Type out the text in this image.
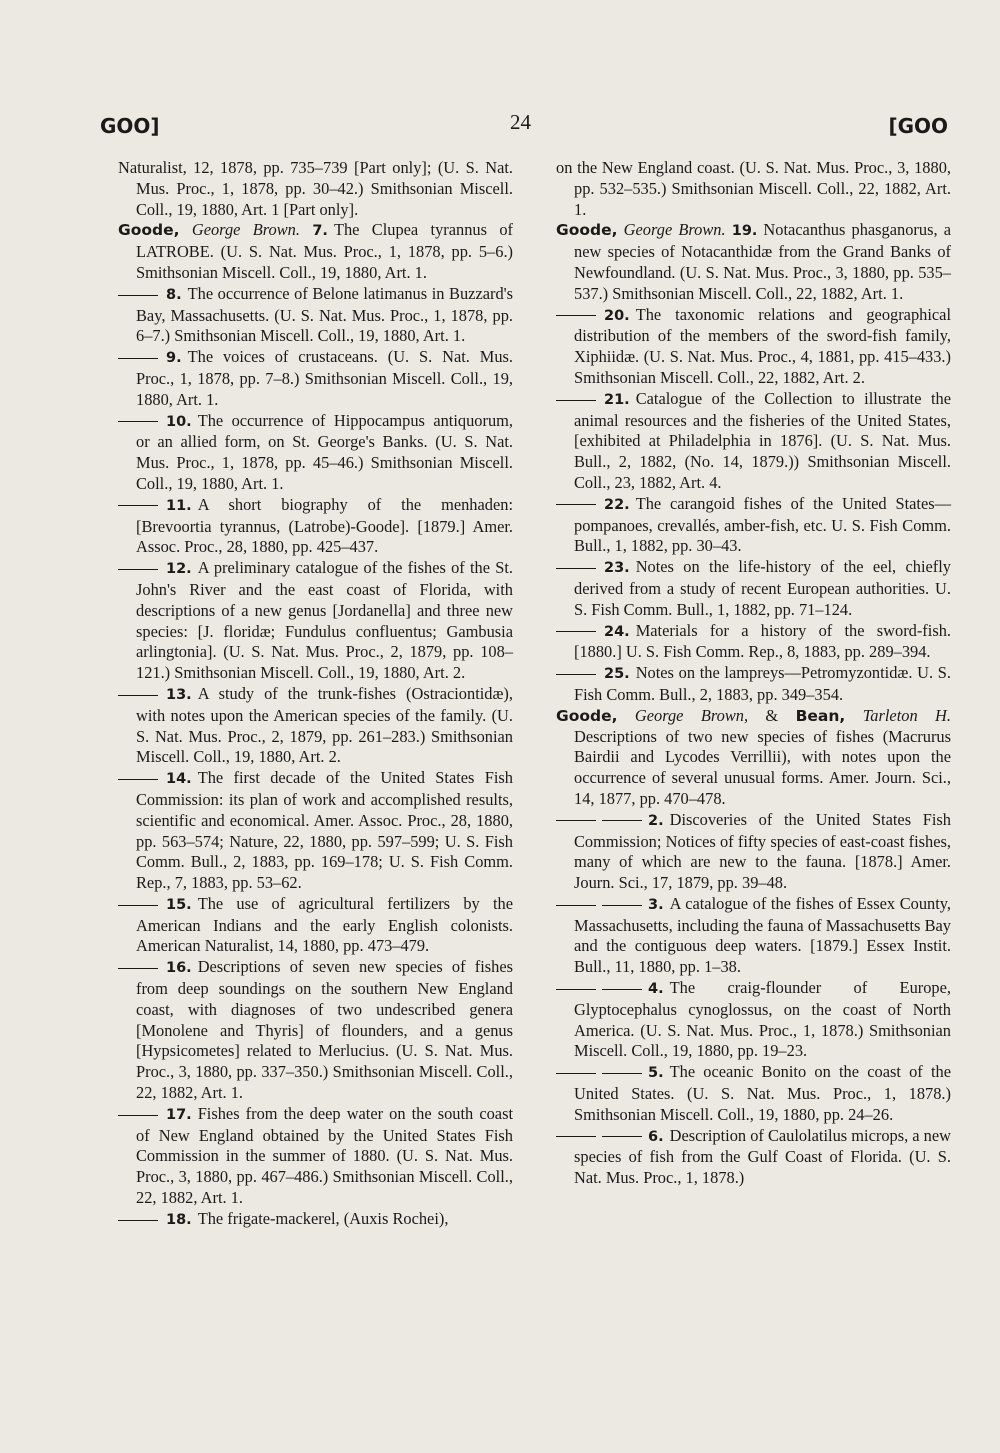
GOO]	24	[GOO

Naturalist, 12, 1878, pp. 735–739 [Part only]; (U. S. Nat. Mus. Proc., 1, 1878, pp. 30–42.) Smithsonian Miscell. Coll., 19, 1880, Art. 1 [Part only].

Goode, George Brown. 7. The Clupea tyrannus of LATROBE. (U. S. Nat. Mus. Proc., 1, 1878, pp. 5–6.) Smithsonian Miscell. Coll., 19, 1880, Art. 1.

8. The occurrence of Belone latimanus in Buzzard's Bay, Massachusetts. (U. S. Nat. Mus. Proc., 1, 1878, pp. 6–7.) Smithsonian Miscell. Coll., 19, 1880, Art. 1.

9. The voices of crustaceans. (U. S. Nat. Mus. Proc., 1, 1878, pp. 7–8.) Smithsonian Miscell. Coll., 19, 1880, Art. 1.

10. The occurrence of Hippocampus antiquorum, or an allied form, on St. George's Banks. (U. S. Nat. Mus. Proc., 1, 1878, pp. 45–46.) Smithsonian Miscell. Coll., 19, 1880, Art. 1.

11. A short biography of the menhaden: [Brevoortia tyrannus, (Latrobe)-Goode]. [1879.] Amer. Assoc. Proc., 28, 1880, pp. 425–437.

12. A preliminary catalogue of the fishes of the St. John's River and the east coast of Florida, with descriptions of a new genus [Jordanella] and three new species: [J. floridæ; Fundulus confluentus; Gambusia arlingtonia]. (U. S. Nat. Mus. Proc., 2, 1879, pp. 108–121.) Smithsonian Miscell. Coll., 19, 1880, Art. 2.

13. A study of the trunk-fishes (Ostraciontidæ), with notes upon the American species of the family. (U. S. Nat. Mus. Proc., 2, 1879, pp. 261–283.) Smithsonian Miscell. Coll., 19, 1880, Art. 2.

14. The first decade of the United States Fish Commission: its plan of work and accomplished results, scientific and economical. Amer. Assoc. Proc., 28, 1880, pp. 563–574; Nature, 22, 1880, pp. 597–599; U. S. Fish Comm. Bull., 2, 1883, pp. 169–178; U. S. Fish Comm. Rep., 7, 1883, pp. 53–62.

15. The use of agricultural fertilizers by the American Indians and the early English colonists. American Naturalist, 14, 1880, pp. 473–479.

16. Descriptions of seven new species of fishes from deep soundings on the southern New England coast, with diagnoses of two undescribed genera [Monolene and Thyris] of flounders, and a genus [Hypsicometes] related to Merlucius. (U. S. Nat. Mus. Proc., 3, 1880, pp. 337–350.) Smithsonian Miscell. Coll., 22, 1882, Art. 1.

17. Fishes from the deep water on the south coast of New England obtained by the United States Fish Commission in the summer of 1880. (U. S. Nat. Mus. Proc., 3, 1880, pp. 467–486.) Smithsonian Miscell. Coll., 22, 1882, Art. 1.

18. The frigate-mackerel, (Auxis Rochei),

on the New England coast. (U. S. Nat. Mus. Proc., 3, 1880, pp. 532–535.) Smithsonian Miscell. Coll., 22, 1882, Art. 1.

Goode, George Brown. 19. Notacanthus phasganorus, a new species of Notacanthidæ from the Grand Banks of Newfoundland. (U. S. Nat. Mus. Proc., 3, 1880, pp. 535–537.) Smithsonian Miscell. Coll., 22, 1882, Art. 1.

20. The taxonomic relations and geographical distribution of the members of the sword-fish family, Xiphiidæ. (U. S. Nat. Mus. Proc., 4, 1881, pp. 415–433.) Smithsonian Miscell. Coll., 22, 1882, Art. 2.

21. Catalogue of the Collection to illustrate the animal resources and the fisheries of the United States, [exhibited at Philadelphia in 1876]. (U. S. Nat. Mus. Bull., 2, 1882, (No. 14, 1879.)) Smithsonian Miscell. Coll., 23, 1882, Art. 4.

22. The carangoid fishes of the United States—pompanoes, crevallés, amber-fish, etc. U. S. Fish Comm. Bull., 1, 1882, pp. 30–43.

23. Notes on the life-history of the eel, chiefly derived from a study of recent European authorities. U. S. Fish Comm. Bull., 1, 1882, pp. 71–124.

24. Materials for a history of the sword-fish. [1880.] U. S. Fish Comm. Rep., 8, 1883, pp. 289–394.

25. Notes on the lampreys—Petromyzontidæ. U. S. Fish Comm. Bull., 2, 1883, pp. 349–354.

Goode, George Brown, & Bean, Tarleton H. Descriptions of two new species of fishes (Macrurus Bairdii and Lycodes Verrillii), with notes upon the occurrence of several unusual forms. Amer. Journ. Sci., 14, 1877, pp. 470–478.

2. Discoveries of the United States Fish Commission; Notices of fifty species of east-coast fishes, many of which are new to the fauna. [1878.] Amer. Journ. Sci., 17, 1879, pp. 39–48.

3. A catalogue of the fishes of Essex County, Massachusetts, including the fauna of Massachusetts Bay and the contiguous deep waters. [1879.] Essex Instit. Bull., 11, 1880, pp. 1–38.

4. The craig-flounder of Europe, Glyptocephalus cynoglossus, on the coast of North America. (U. S. Nat. Mus. Proc., 1, 1878.) Smithsonian Miscell. Coll., 19, 1880, pp. 19–23.

5. The oceanic Bonito on the coast of the United States. (U. S. Nat. Mus. Proc., 1, 1878.) Smithsonian Miscell. Coll., 19, 1880, pp. 24–26.

6. Description of Caulolatilus microps, a new species of fish from the Gulf Coast of Florida. (U. S. Nat. Mus. Proc., 1, 1878.)
